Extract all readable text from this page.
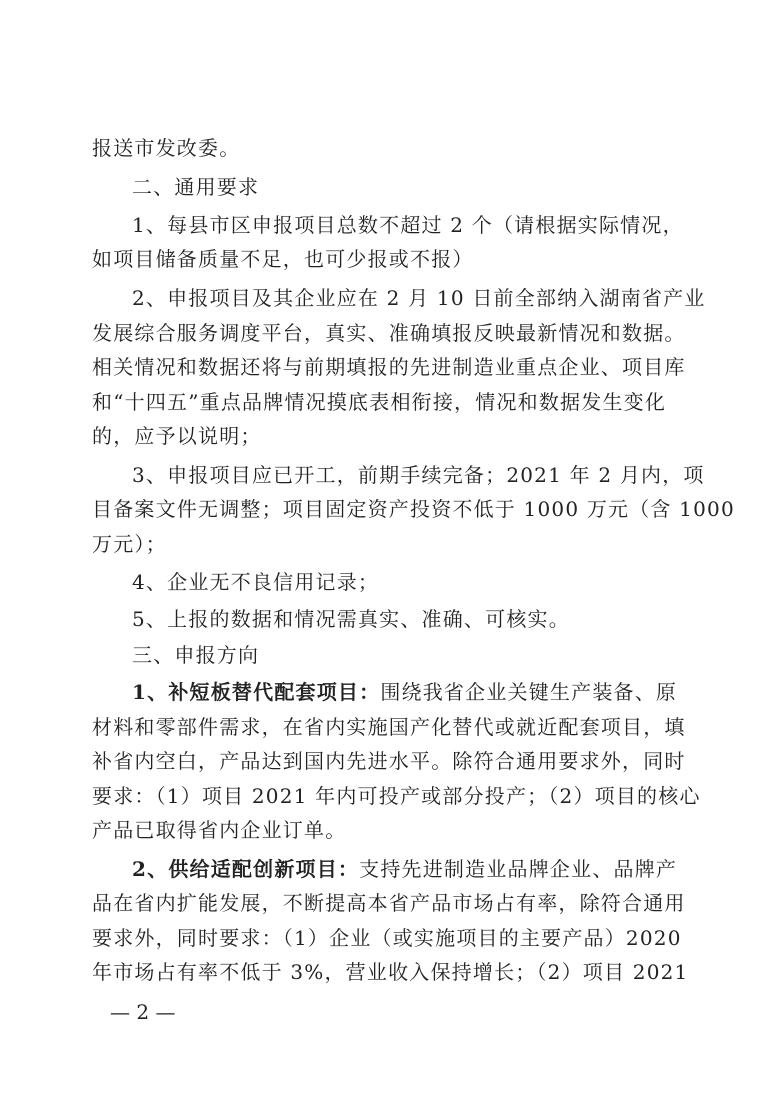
报送市发改委。
二、通用要求
1、每县市区申报项目总数不超过 2 个（请根据实际情况，
如项目储备质量不足，也可少报或不报）
2、申报项目及其企业应在 2 月 10 日前全部纳入湖南省产业
发展综合服务调度平台，真实、准确填报反映最新情况和数据。
相关情况和数据还将与前期填报的先进制造业重点企业、项目库
和“十四五”重点品牌情况摸底表相衔接，情况和数据发生变化
的，应予以说明；
3、申报项目应已开工，前期手续完备；2021 年 2 月内，项
目备案文件无调整；项目固定资产投资不低于 1000 万元（含 1000
万元）；
4、企业无不良信用记录；
5、上报的数据和情况需真实、准确、可核实。
三、申报方向
1、补短板替代配套项目：围绕我省企业关键生产装备、原
材料和零部件需求，在省内实施国产化替代或就近配套项目，填
补省内空白，产品达到国内先进水平。除符合通用要求外，同时
要求：（1）项目 2021 年内可投产或部分投产；（2）项目的核心
产品已取得省内企业订单。
2、供给适配创新项目：支持先进制造业品牌企业、品牌产
品在省内扩能发展，不断提高本省产品市场占有率，除符合通用
要求外，同时要求：（1）企业（或实施项目的主要产品）2020
年市场占有率不低于 3%，营业收入保持增长；（2）项目 2021
— 2 —
